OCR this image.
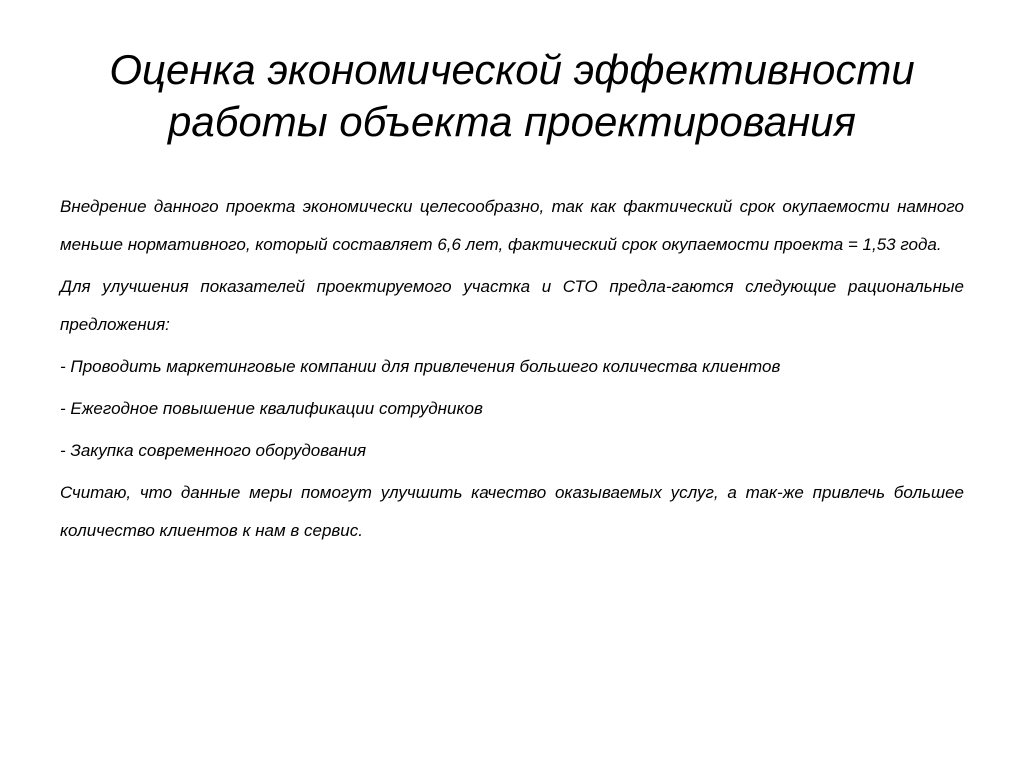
Оценка экономической эффективности
работы объекта проектирования

Внедрение данного проекта экономически целесообразно, так как фактический срок окупаемости намного меньше нормативного, который составляет 6,6 лет, фактический срок окупаемости проекта = 1,53 года.

Для улучшения показателей проектируемого участка и СТО предла-гаются следующие рациональные предложения:

- Проводить маркетинговые компании для привлечения большего количества клиентов

- Ежегодное повышение квалификации сотрудников

- Закупка современного оборудования

Считаю, что данные меры помогут улучшить качество оказываемых услуг, а так-же привлечь большее количество клиентов к нам в сервис.
